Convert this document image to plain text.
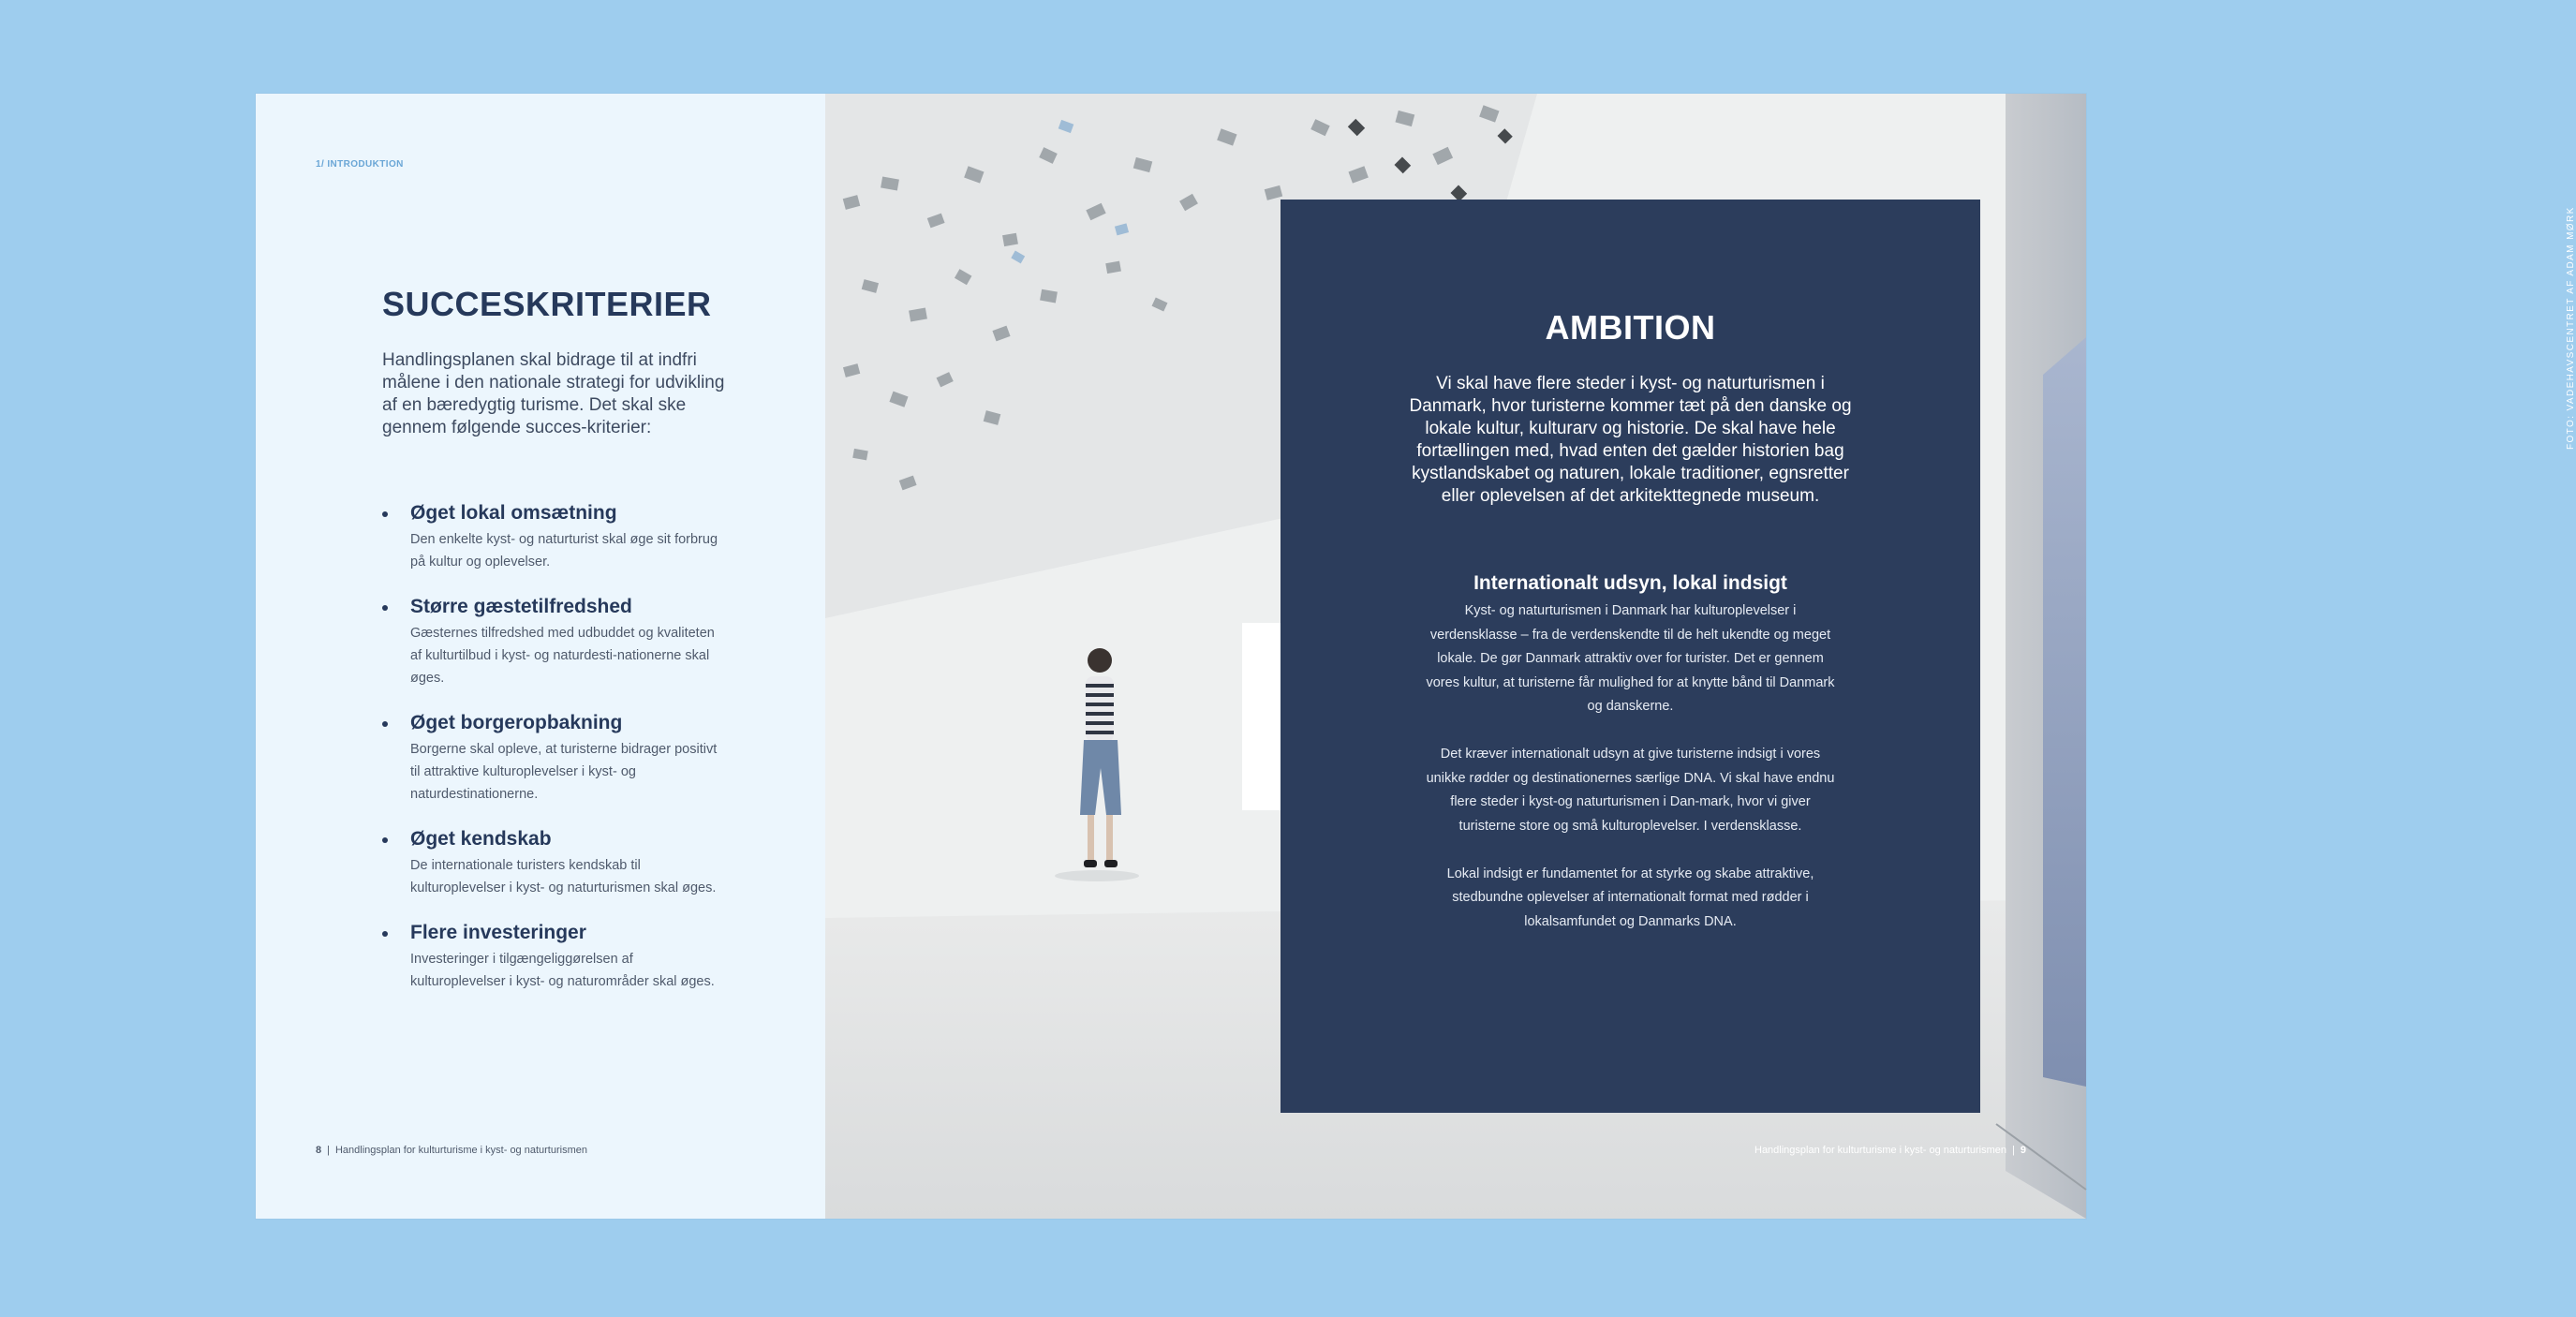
1/ INTRODUKTION
SUCCESKRITERIER

Handlingsplanen skal bidrage til at indfri målene i den nationale strategi for udvikling af en bæredygtig turisme. Det skal ske gennem følgende succes-kriterier:

Øget lokal omsætning

Den enkelte kyst- og naturturist skal øge sit forbrug på kultur og oplevelser.

Større gæstetilfredshed

Gæsternes tilfredshed med udbuddet og kvaliteten af kulturtilbud i kyst- og naturdesti-nationerne skal øges.

Øget borgeropbakning

Borgerne skal opleve, at turisterne bidrager positivt til attraktive kulturoplevelser i kyst- og naturdestinationerne.

Øget kendskab

De internationale turisters kendskab til kulturoplevelser i kyst- og naturturismen skal øges.

Flere investeringer

Investeringer i tilgængeliggørelsen af kulturoplevelser i kyst- og naturområder skal øges.

8 | Handlingsplan for kulturturisme i kyst- og naturturismen
AMBITION

Vi skal have flere steder i kyst- og naturturismen i Danmark, hvor turisterne kommer tæt på den danske og lokale kultur, kulturarv og historie. De skal have hele fortællingen med, hvad enten det gælder historien bag kystlandskabet og naturen, lokale traditioner, egnsretter eller oplevelsen af det arkitekttegnede museum.

Internationalt udsyn, lokal indsigt

Kyst- og naturturismen i Danmark har kulturoplevelser i verdensklasse – fra de verdenskendte til de helt ukendte og meget lokale. De gør Danmark attraktiv over for turister. Det er gennem vores kultur, at turisterne får mulighed for at knytte bånd til Danmark og danskerne.

Det kræver internationalt udsyn at give turisterne indsigt i vores unikke rødder og destinationernes særlige DNA. Vi skal have endnu flere steder i kyst-og naturturismen i Dan-mark, hvor vi giver turisterne store og små kulturoplevelser. I verdensklasse.

Lokal indsigt er fundamentet for at styrke og skabe attraktive, stedbundne oplevelser af internationalt format med rødder i lokalsamfundet og Danmarks DNA.

FOTO: VADEHAVSCENTRET AF ADAM MØRK
Handlingsplan for kulturturisme i kyst- og naturturismen | 9
